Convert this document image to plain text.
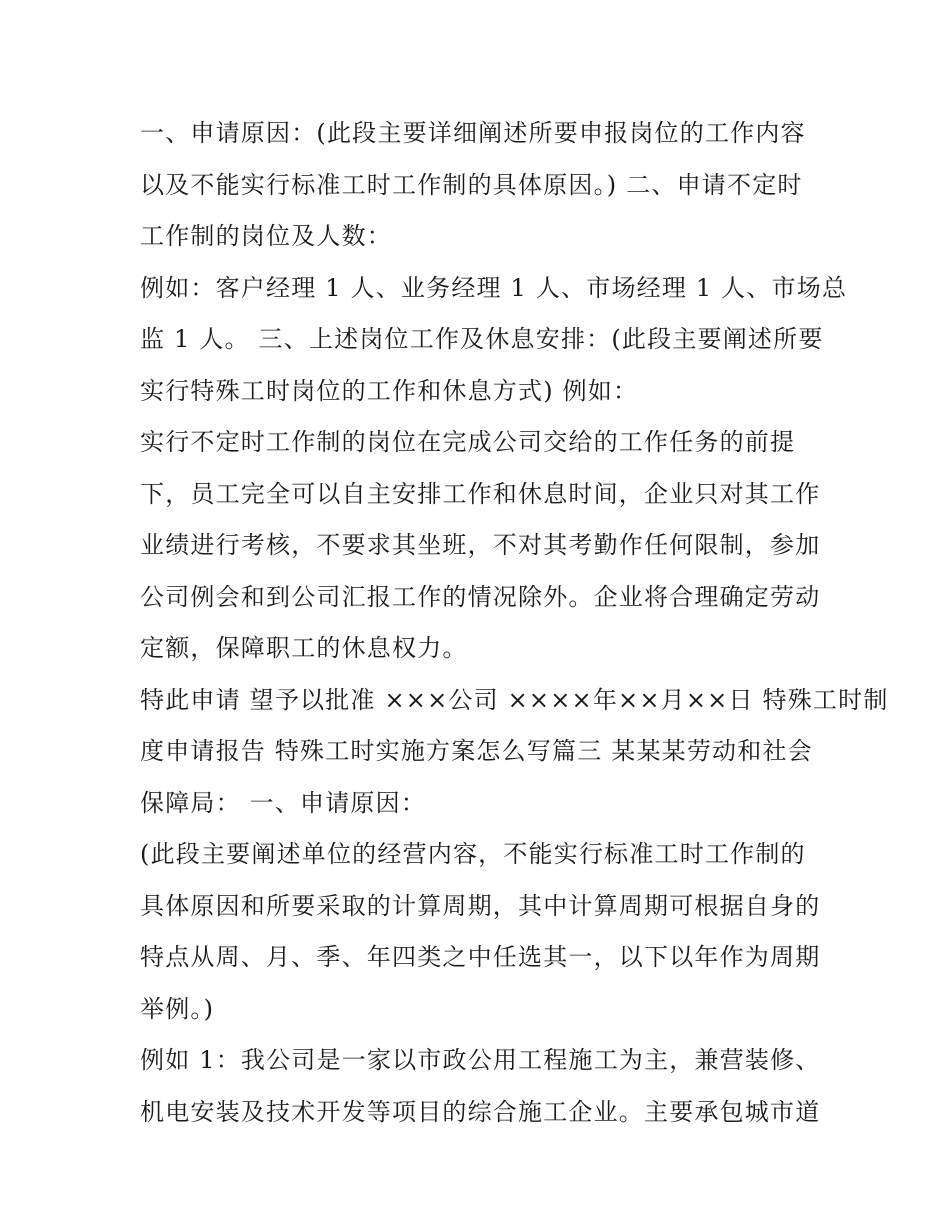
一、申请原因：(此段主要详细阐述所要申报岗位的工作内容
以及不能实行标准工时工作制的具体原因。) 二、申请不定时
工作制的岗位及人数：
例如：客户经理 1 人、业务经理 1 人、市场经理 1 人、市场总
监 1 人。 三、上述岗位工作及休息安排：(此段主要阐述所要
实行特殊工时岗位的工作和休息方式) 例如：
实行不定时工作制的岗位在完成公司交给的工作任务的前提
下，员工完全可以自主安排工作和休息时间，企业只对其工作
业绩进行考核，不要求其坐班，不对其考勤作任何限制，参加
公司例会和到公司汇报工作的情况除外。企业将合理确定劳动
定额，保障职工的休息权力。
特此申请 望予以批准 ×××公司 ××××年××月××日 特殊工时制
度申请报告 特殊工时实施方案怎么写篇三 某某某劳动和社会
保障局： 一、申请原因：
(此段主要阐述单位的经营内容，不能实行标准工时工作制的
具体原因和所要采取的计算周期，其中计算周期可根据自身的
特点从周、月、季、年四类之中任选其一，以下以年作为周期
举例。)
例如 1：我公司是一家以市政公用工程施工为主，兼营装修、
机电安装及技术开发等项目的综合施工企业。主要承包城市道
